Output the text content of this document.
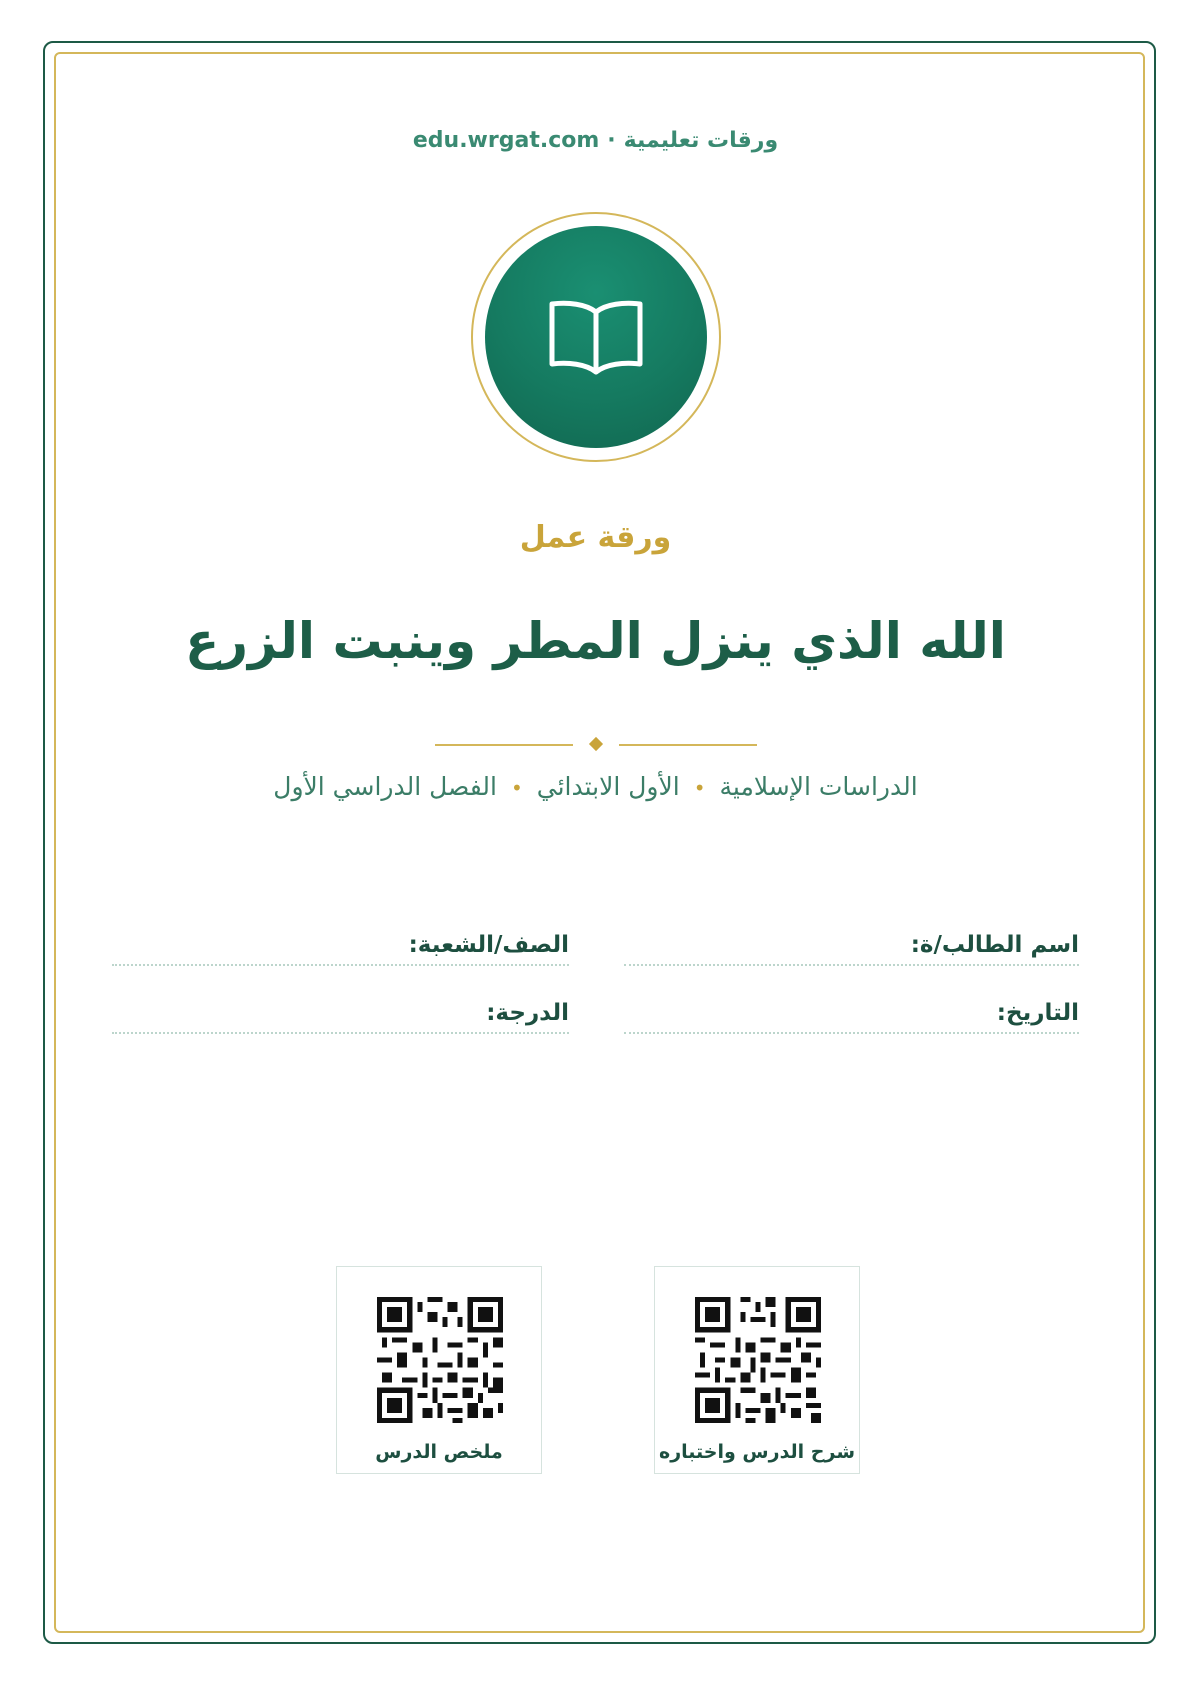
ورقات تعليمية·edu.wrgat.com
ورقة عمل
الله الذي ينزل المطر وينبت الزرع
الدراسات الإسلامية•الأول الابتدائي•الفصل الدراسي الأول
اسم الطالب/ة:
الصف/الشعبة:
التاريخ:
الدرجة:
شرح الدرس واختباره
ملخص الدرس
